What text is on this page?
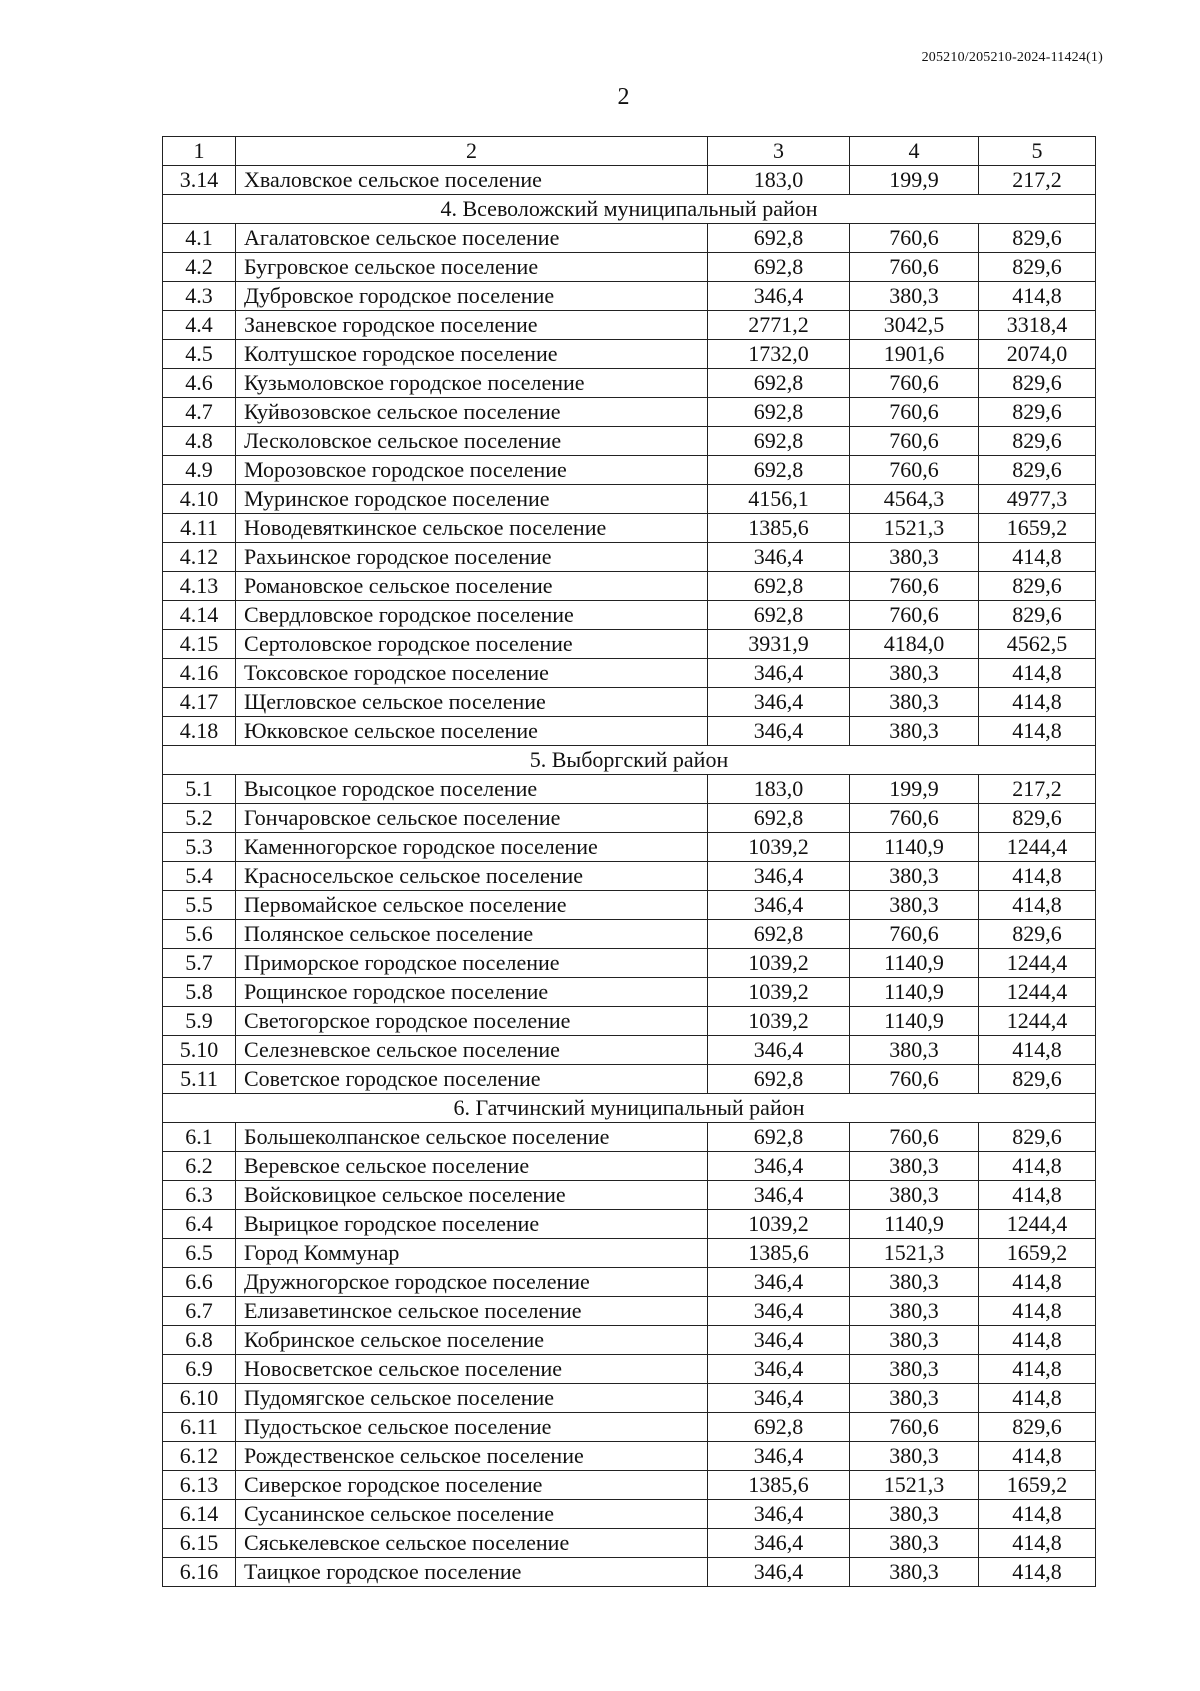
205210/205210-2024-11424(1)
2
1	2	3	4	5
3.14	Хваловское сельское поселение	183,0	199,9	217,2
4. Всеволожский муниципальный район				
4.1	Агалатовское сельское поселение	692,8	760,6	829,6
4.2	Бугровское сельское поселение	692,8	760,6	829,6
4.3	Дубровское городское поселение	346,4	380,3	414,8
4.4	Заневское городское поселение	2771,2	3042,5	3318,4
4.5	Колтушское городское поселение	1732,0	1901,6	2074,0
4.6	Кузьмоловское городское поселение	692,8	760,6	829,6
4.7	Куйвозовское сельское поселение	692,8	760,6	829,6
4.8	Лесколовское сельское поселение	692,8	760,6	829,6
4.9	Морозовское городское поселение	692,8	760,6	829,6
4.10	Муринское городское поселение	4156,1	4564,3	4977,3
4.11	Новодевяткинское сельское поселение	1385,6	1521,3	1659,2
4.12	Рахьинское городское поселение	346,4	380,3	414,8
4.13	Романовское сельское поселение	692,8	760,6	829,6
4.14	Свердловское городское поселение	692,8	760,6	829,6
4.15	Сертоловское городское поселение	3931,9	4184,0	4562,5
4.16	Токсовское городское поселение	346,4	380,3	414,8
4.17	Щегловское сельское поселение	346,4	380,3	414,8
4.18	Юкковское сельское поселение	346,4	380,3	414,8
5. Выборгский район				
5.1	Высоцкое городское поселение	183,0	199,9	217,2
5.2	Гончаровское сельское поселение	692,8	760,6	829,6
5.3	Каменногорское городское поселение	1039,2	1140,9	1244,4
5.4	Красносельское сельское поселение	346,4	380,3	414,8
5.5	Первомайское сельское поселение	346,4	380,3	414,8
5.6	Полянское сельское поселение	692,8	760,6	829,6
5.7	Приморское городское поселение	1039,2	1140,9	1244,4
5.8	Рощинское городское поселение	1039,2	1140,9	1244,4
5.9	Светогорское городское поселение	1039,2	1140,9	1244,4
5.10	Селезневское сельское поселение	346,4	380,3	414,8
5.11	Советское городское поселение	692,8	760,6	829,6
6. Гатчинский муниципальный район				
6.1	Большеколпанское сельское поселение	692,8	760,6	829,6
6.2	Веревское сельское поселение	346,4	380,3	414,8
6.3	Войсковицкое сельское поселение	346,4	380,3	414,8
6.4	Вырицкое городское поселение	1039,2	1140,9	1244,4
6.5	Город Коммунар	1385,6	1521,3	1659,2
6.6	Дружногорское городское поселение	346,4	380,3	414,8
6.7	Елизаветинское сельское поселение	346,4	380,3	414,8
6.8	Кобринское сельское поселение	346,4	380,3	414,8
6.9	Новосветское сельское поселение	346,4	380,3	414,8
6.10	Пудомягское сельское поселение	346,4	380,3	414,8
6.11	Пудостьское сельское поселение	692,8	760,6	829,6
6.12	Рождественское сельское поселение	346,4	380,3	414,8
6.13	Сиверское городское поселение	1385,6	1521,3	1659,2
6.14	Сусанинское сельское поселение	346,4	380,3	414,8
6.15	Сяськелевское сельское поселение	346,4	380,3	414,8
6.16	Таицкое городское поселение	346,4	380,3	414,8
